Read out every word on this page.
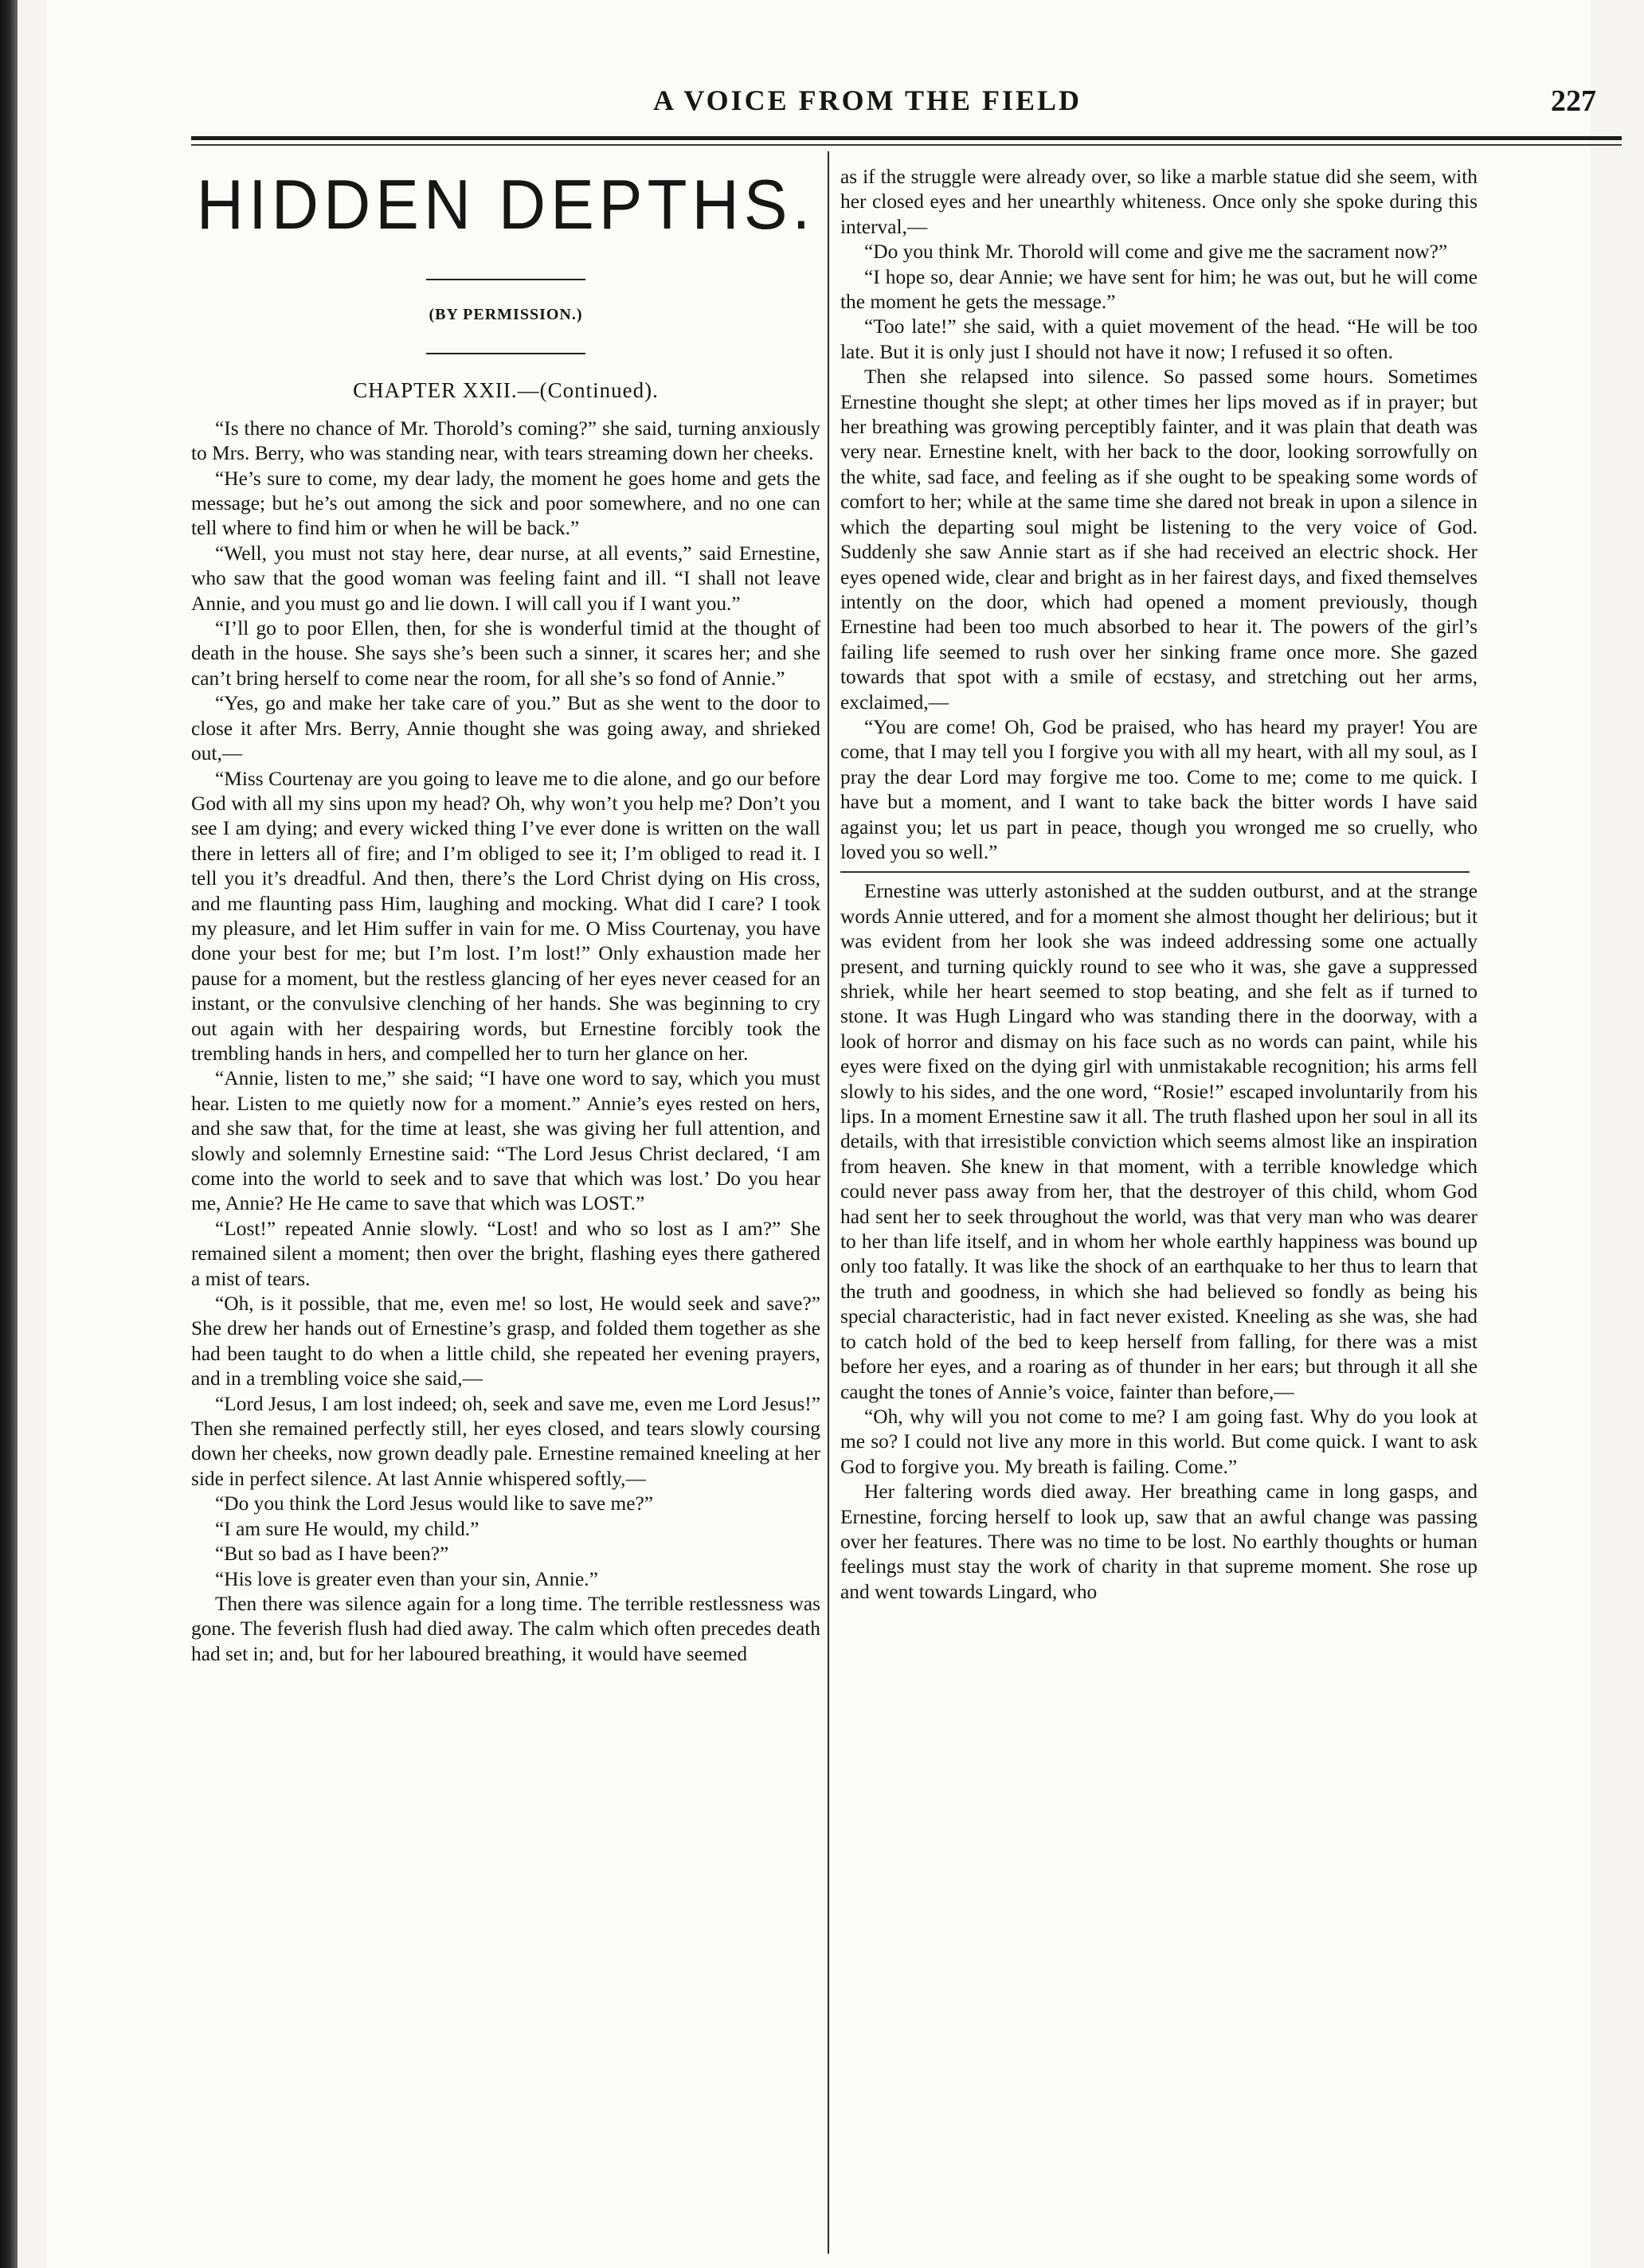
A VOICE FROM THE FIELD	227
HIDDEN DEPTHS.
(BY PERMISSION.)
CHAPTER XXII.—(Continued).

“Is there no chance of Mr. Thorold’s coming?” she said, turning anxiously to Mrs. Berry, who was standing near, with tears streaming down her cheeks.

“He’s sure to come, my dear lady, the moment he goes home and gets the message; but he’s out among the sick and poor somewhere, and no one can tell where to find him or when he will be back.”

“Well, you must not stay here, dear nurse, at all events,” said Ernestine, who saw that the good woman was feeling faint and ill. “I shall not leave Annie, and you must go and lie down. I will call you if I want you.”

“I’ll go to poor Ellen, then, for she is wonderful timid at the thought of death in the house. She says she’s been such a sinner, it scares her; and she can’t bring herself to come near the room, for all she’s so fond of Annie.”

“Yes, go and make her take care of you.” But as she went to the door to close it after Mrs. Berry, Annie thought she was going away, and shrieked out,—

“Miss Courtenay are you going to leave me to die alone, and go our before God with all my sins upon my head? Oh, why won’t you help me? Don’t you see I am dying; and every wicked thing I’ve ever done is written on the wall there in letters all of fire; and I’m obliged to see it; I’m obliged to read it. I tell you it’s dreadful. And then, there’s the Lord Christ dying on His cross, and me flaunting pass Him, laughing and mocking. What did I care? I took my pleasure, and let Him suffer in vain for me. O Miss Courtenay, you have done your best for me; but I’m lost. I’m lost!” Only exhaustion made her pause for a moment, but the restless glancing of her eyes never ceased for an instant, or the convulsive clenching of her hands. She was beginning to cry out again with her despairing words, but Ernestine forcibly took the trembling hands in hers, and compelled her to turn her glance on her.

“Annie, listen to me,” she said; “I have one word to say, which you must hear. Listen to me quietly now for a moment.” Annie’s eyes rested on hers, and she saw that, for the time at least, she was giving her full attention, and slowly and solemnly Ernestine said: “The Lord Jesus Christ declared, ‘I am come into the world to seek and to save that which was lost.’ Do you hear me, Annie? He He came to save that which was LOST.”

“Lost!” repeated Annie slowly. “Lost! and who so lost as I am?” She remained silent a moment; then over the bright, flashing eyes there gathered a mist of tears.

“Oh, is it possible, that me, even me! so lost, He would seek and save?” She drew her hands out of Ernestine’s grasp, and folded them together as she had been taught to do when a little child, she repeated her evening prayers, and in a trembling voice she said,—

“Lord Jesus, I am lost indeed; oh, seek and save me, even me Lord Jesus!” Then she remained perfectly still, her eyes closed, and tears slowly coursing down her cheeks, now grown deadly pale. Ernestine remained kneeling at her side in perfect silence. At last Annie whispered softly,—

“Do you think the Lord Jesus would like to save me?”

“I am sure He would, my child.”

“But so bad as I have been?”

“His love is greater even than your sin, Annie.”

Then there was silence again for a long time. The terrible restlessness was gone. The feverish flush had died away. The calm which often precedes death had set in; and, but for her laboured breathing, it would have seemed

as if the struggle were already over, so like a marble statue did she seem, with her closed eyes and her unearthly whiteness. Once only she spoke during this interval,—

“Do you think Mr. Thorold will come and give me the sacrament now?”

“I hope so, dear Annie; we have sent for him; he was out, but he will come the moment he gets the message.”

“Too late!” she said, with a quiet movement of the head. “He will be too late. But it is only just I should not have it now; I refused it so often.

Then she relapsed into silence. So passed some hours. Sometimes Ernestine thought she slept; at other times her lips moved as if in prayer; but her breathing was growing perceptibly fainter, and it was plain that death was very near. Ernestine knelt, with her back to the door, looking sorrowfully on the white, sad face, and feeling as if she ought to be speaking some words of comfort to her; while at the same time she dared not break in upon a silence in which the departing soul might be listening to the very voice of God. Suddenly she saw Annie start as if she had received an electric shock. Her eyes opened wide, clear and bright as in her fairest days, and fixed themselves intently on the door, which had opened a moment previously, though Ernestine had been too much absorbed to hear it. The powers of the girl’s failing life seemed to rush over her sinking frame once more. She gazed towards that spot with a smile of ecstasy, and stretching out her arms, exclaimed,—

“You are come! Oh, God be praised, who has heard my prayer! You are come, that I may tell you I forgive you with all my heart, with all my soul, as I pray the dear Lord may forgive me too. Come to me; come to me quick. I have but a moment, and I want to take back the bitter words I have said against you; let us part in peace, though you wronged me so cruelly, who loved you so well.”

Ernestine was utterly astonished at the sudden outburst, and at the strange words Annie uttered, and for a moment she almost thought her delirious; but it was evident from her look she was indeed addressing some one actually present, and turning quickly round to see who it was, she gave a suppressed shriek, while her heart seemed to stop beating, and she felt as if turned to stone. It was Hugh Lingard who was standing there in the doorway, with a look of horror and dismay on his face such as no words can paint, while his eyes were fixed on the dying girl with unmistakable recognition; his arms fell slowly to his sides, and the one word, “Rosie!” escaped involuntarily from his lips. In a moment Ernestine saw it all. The truth flashed upon her soul in all its details, with that irresistible conviction which seems almost like an inspiration from heaven. She knew in that moment, with a terrible knowledge which could never pass away from her, that the destroyer of this child, whom God had sent her to seek throughout the world, was that very man who was dearer to her than life itself, and in whom her whole earthly happiness was bound up only too fatally. It was like the shock of an earthquake to her thus to learn that the truth and goodness, in which she had believed so fondly as being his special characteristic, had in fact never existed. Kneeling as she was, she had to catch hold of the bed to keep herself from falling, for there was a mist before her eyes, and a roaring as of thunder in her ears; but through it all she caught the tones of Annie’s voice, fainter than before,—

“Oh, why will you not come to me? I am going fast. Why do you look at me so? I could not live any more in this world. But come quick. I want to ask God to forgive you. My breath is failing. Come.”

Her faltering words died away. Her breathing came in long gasps, and Ernestine, forcing herself to look up, saw that an awful change was passing over her features. There was no time to be lost. No earthly thoughts or human feelings must stay the work of charity in that supreme moment. She rose up and went towards Lingard, who
